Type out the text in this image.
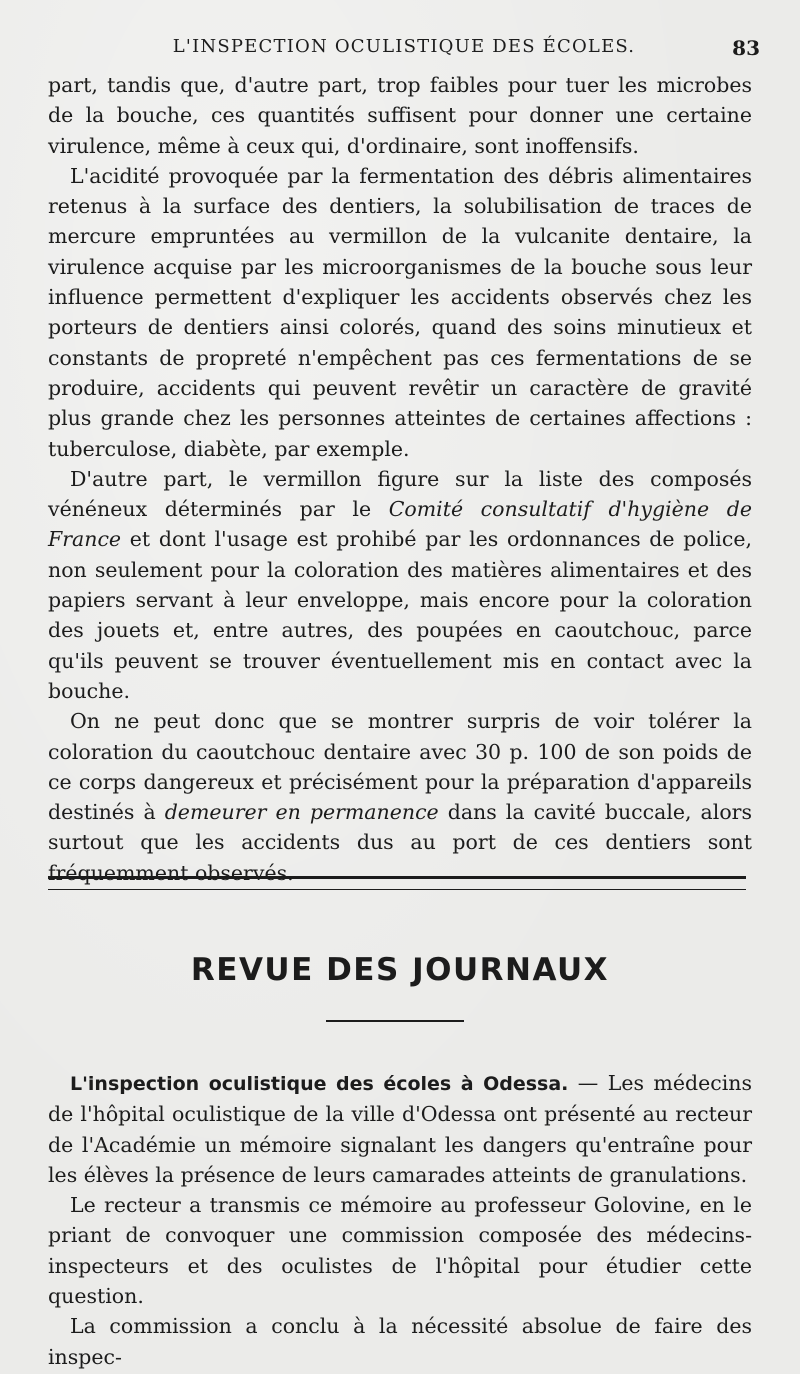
L'INSPECTION OCULISTIQUE DES ÉCOLES.	83

part, tandis que, d'autre part, trop faibles pour tuer les microbes de la bouche, ces quantités suffisent pour donner une certaine virulence, même à ceux qui, d'ordinaire, sont inoffensifs.

L'acidité provoquée par la fermentation des débris alimentaires retenus à la surface des dentiers, la solubilisation de traces de mercure empruntées au vermillon de la vulcanite dentaire, la virulence acquise par les microorganismes de la bouche sous leur influence permettent d'expliquer les accidents observés chez les porteurs de dentiers ainsi colorés, quand des soins minutieux et constants de propreté n'empêchent pas ces fermentations de se produire, accidents qui peuvent revêtir un caractère de gravité plus grande chez les personnes atteintes de certaines affections : tuberculose, diabète, par exemple.

D'autre part, le vermillon figure sur la liste des composés vénéneux déterminés par le Comité consultatif d'hygiène de France et dont l'usage est prohibé par les ordonnances de police, non seulement pour la coloration des matières alimentaires et des papiers servant à leur enveloppe, mais encore pour la coloration des jouets et, entre autres, des poupées en caoutchouc, parce qu'ils peuvent se trouver éventuellement mis en contact avec la bouche.

On ne peut donc que se montrer surpris de voir tolérer la coloration du caoutchouc dentaire avec 30 p. 100 de son poids de ce corps dangereux et précisément pour la préparation d'appareils destinés à demeurer en permanence dans la cavité buccale, alors surtout que les accidents dus au port de ces dentiers sont fréquemment observés.

REVUE DES JOURNAUX

L'inspection oculistique des écoles à Odessa. — Les médecins de l'hôpital oculistique de la ville d'Odessa ont présenté au recteur de l'Académie un mémoire signalant les dangers qu'entraîne pour les élèves la présence de leurs camarades atteints de granulations.

Le recteur a transmis ce mémoire au professeur Golovine, en le priant de convoquer une commission composée des médecins-inspecteurs et des oculistes de l'hôpital pour étudier cette question.

La commission a conclu à la nécessité absolue de faire des inspec-
